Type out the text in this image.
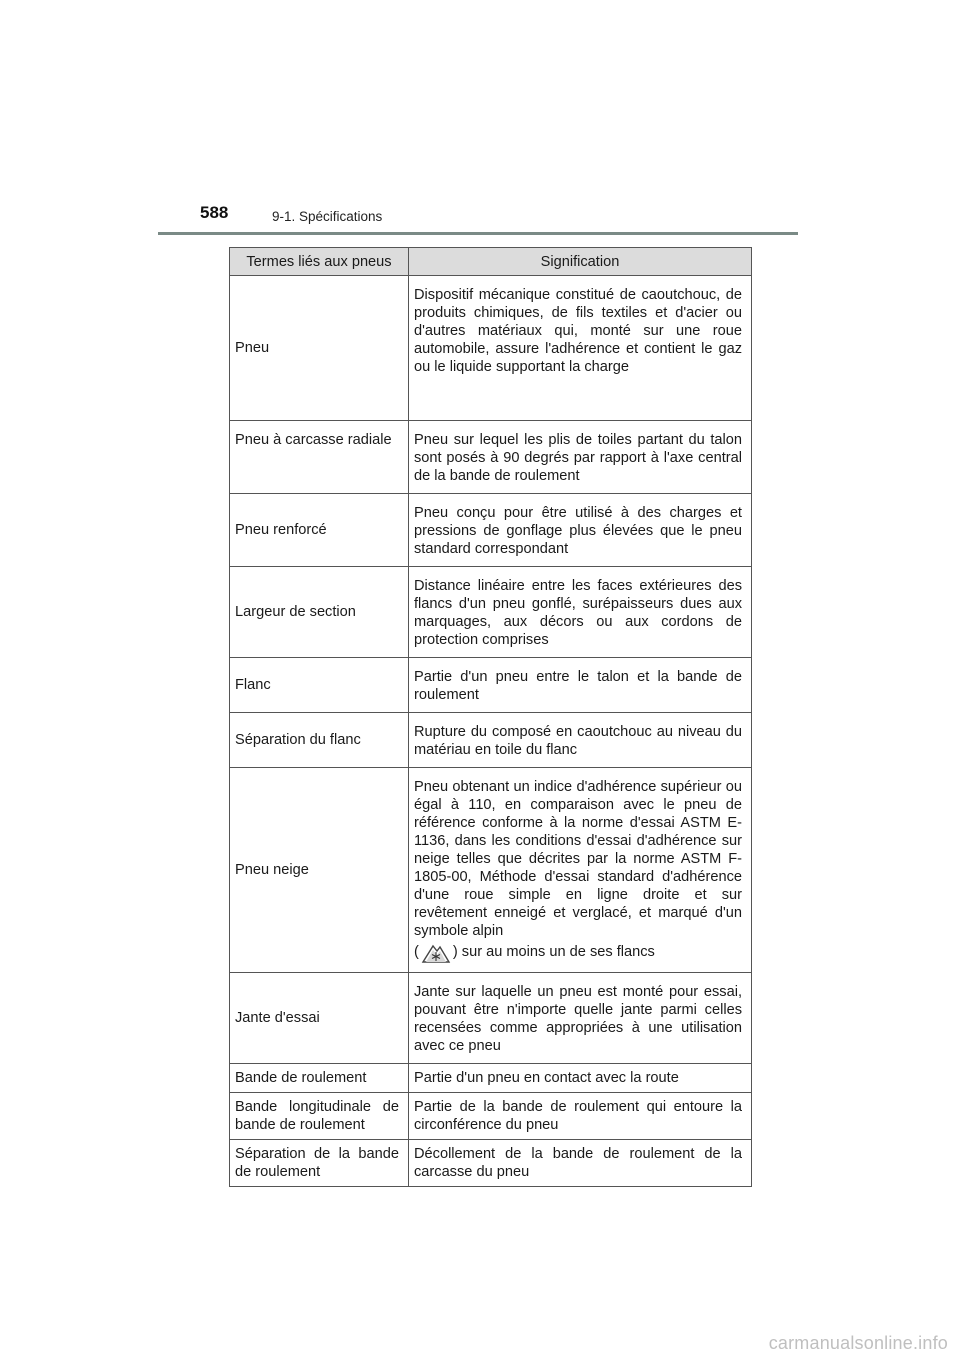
588	9-1. Spécifications
Termes liés aux pneus	Signification
Pneu	Dispositif mécanique constitué de caoutchouc, de produits chimiques, de fils textiles et d'acier ou d'autres matériaux qui, monté sur une roue automobile, assure l'adhérence et contient le gaz ou le liquide supportant la charge

Pneu à carcasse radiale	Pneu sur lequel les plis de toiles partant du talon sont posés à 90 degrés par rapport à l'axe central de la bande de roulement

Pneu renforcé	Pneu conçu pour être utilisé à des charges et pressions de gonflage plus élevées que le pneu standard correspondant

Largeur de section	Distance linéaire entre les faces extérieures des flancs d'un pneu gonflé, surépaisseurs dues aux marquages, aux décors ou aux cordons de protection comprises

Flanc	Partie d'un pneu entre le talon et la bande de roulement

Séparation du flanc	Rupture du composé en caoutchouc au niveau du matériau en toile du flanc

Pneu neige	Pneu obtenant un indice d'adhérence supérieur ou égal à 110, en comparaison avec le pneu de référence conforme à la norme d'essai ASTM E-1136, dans les conditions d'essai d'adhérence sur neige telles que décrites par la norme ASTM F-1805-00, Méthode d'essai standard d'adhérence d'une roue simple en ligne droite et sur revêtement enneigé et verglacé, et marqué d'un symbole alpin

( ) sur au moins un de ses flancs

Jante d'essai	Jante sur laquelle un pneu est monté pour essai, pouvant être n'importe quelle jante parmi celles recensées comme appropriées à une utilisation avec ce pneu

Bande de roulement	Partie d'un pneu en contact avec la route
Bande longitudinale de bande de roulement	Partie de la bande de roulement qui entoure la circonférence du pneu
Séparation de la bande de roulement	Décollement de la bande de roulement de la carcasse du pneu
carmanualsonline.info
